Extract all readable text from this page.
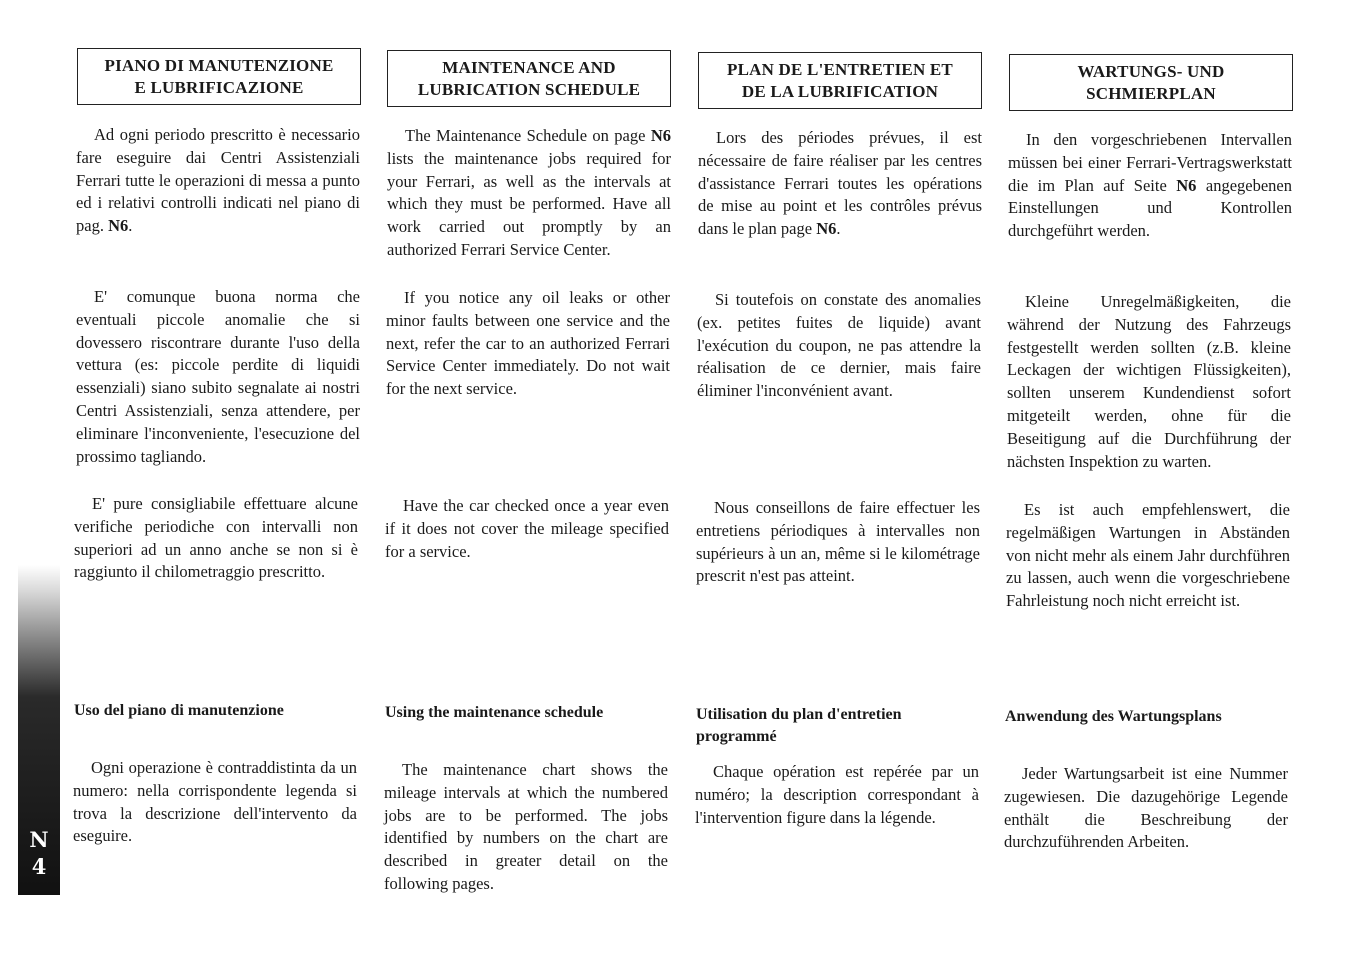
N
4
PIANO DI MANUTENZIONE
E LUBRIFICAZIONE

Ad ogni periodo prescritto è necessario fare eseguire dai Centri Assistenziali Ferrari tutte le operazioni di messa a punto ed i relativi controlli indicati nel piano di pag. N6.

E' comunque buona norma che eventuali piccole anomalie che si dovessero riscontrare durante l'uso della vettura (es: piccole perdite di liquidi essenziali) siano subito segnalate ai nostri Centri Assistenziali, senza attendere, per eliminare l'inconveniente, l'esecuzione del prossimo tagliando.

E' pure consigliabile effettuare alcune verifiche periodiche con intervalli non superiori ad un anno anche se non si è raggiunto il chilometraggio prescritto.

Uso del piano di manutenzione

Ogni operazione è contraddistinta da un numero: nella corrispondente legenda si trova la descrizione dell'intervento da eseguire.

MAINTENANCE AND
LUBRICATION SCHEDULE

The Maintenance Schedule on page N6 lists the maintenance jobs required for your Ferrari, as well as the intervals at which they must be performed. Have all work carried out promptly by an authorized Ferrari Service Center.

If you notice any oil leaks or other minor faults between one service and the next, refer the car to an authorized Ferrari Service Center immediately. Do not wait for the next service.

Have the car checked once a year even if it does not cover the mileage specified for a service.

Using the maintenance schedule

The maintenance chart shows the mileage intervals at which the numbered jobs are to be performed. The jobs identified by numbers on the chart are described in greater detail on the following pages.

PLAN DE L'ENTRETIEN ET
DE LA LUBRIFICATION

Lors des périodes prévues, il est nécessaire de faire réaliser par les centres d'assistance Ferrari toutes les opérations de mise au point et les contrôles prévus dans le plan page N6.

Si toutefois on constate des anomalies (ex. petites fuites de liquide) avant l'exécution du coupon, ne pas attendre la réalisation de ce dernier, mais faire éliminer l'inconvénient avant.

Nous conseillons de faire effectuer les entretiens périodiques à intervalles non supérieurs à un an, même si le kilométrage prescrit n'est pas atteint.

Utilisation du plan d'entretien programmé

Chaque opération est repérée par un numéro; la description correspondant à l'intervention figure dans la légende.

WARTUNGS- UND
SCHMIERPLAN

In den vorgeschriebenen Intervallen müssen bei einer Ferrari-Vertragswerkstatt die im Plan auf Seite N6 angegebenen Einstellungen und Kontrollen durchgeführt werden.

Kleine Unregelmäßigkeiten, die während der Nutzung des Fahrzeugs festgestellt werden sollten (z.B. kleine Leckagen der wichtigen Flüssigkeiten), sollten unserem Kundendienst sofort mitgeteilt werden, ohne für die Beseitigung auf die Durchführung der nächsten Inspektion zu warten.

Es ist auch empfehlenswert, die regelmäßigen Wartungen in Abständen von nicht mehr als einem Jahr durchführen zu lassen, auch wenn die vorgeschriebene Fahrleistung noch nicht erreicht ist.

Anwendung des Wartungsplans

Jeder Wartungsarbeit ist eine Nummer zugewiesen. Die dazugehörige Legende enthält die Beschreibung der durchzuführenden Arbeiten.
